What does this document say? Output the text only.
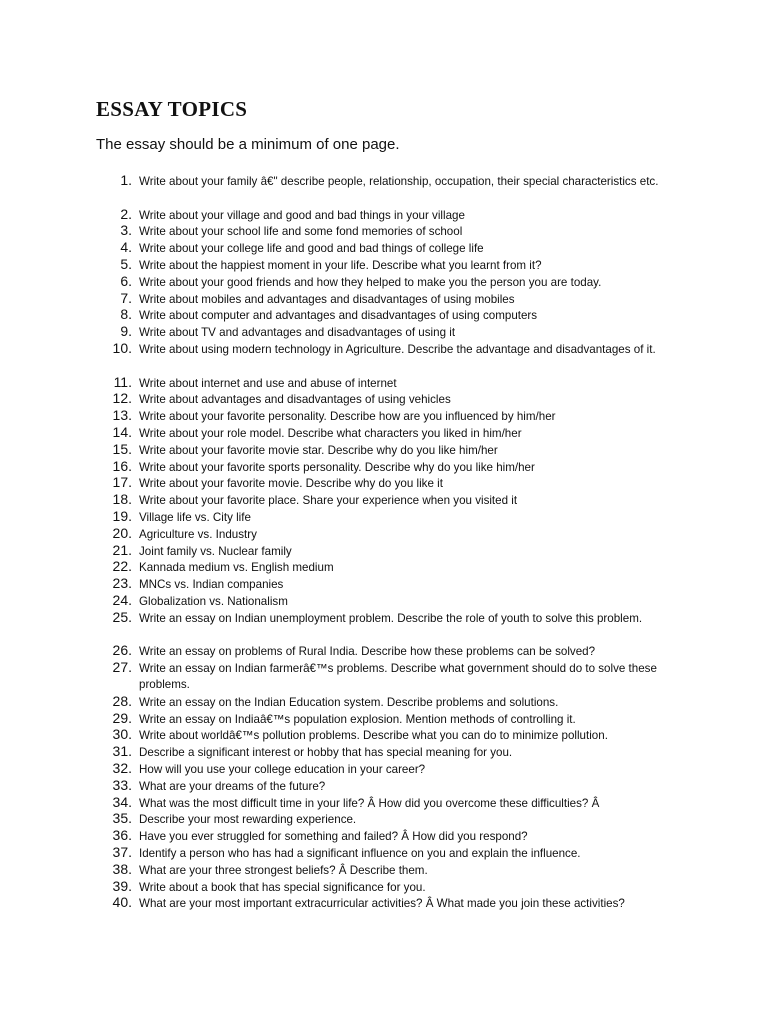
ESSAY TOPICS

The essay should be a minimum of one page.

1. Write about your family â€" describe people, relationship, occupation, their special characteristics etc.
2. Write about your village and good and bad things in your village
3. Write about your school life and some fond memories of school
4. Write about your college life and good and bad things of college life
5. Write about the happiest moment in your life. Describe what you learnt from it?
6. Write about your good friends and how they helped to make you the person you are today.
7. Write about mobiles and advantages and disadvantages of using mobiles
8. Write about computer and advantages and disadvantages of using computers
9. Write about TV and advantages and disadvantages of using it
10. Write about using modern technology in Agriculture. Describe the advantage and disadvantages of it.
11. Write about internet and use and abuse of internet
12. Write about advantages and disadvantages of using vehicles
13. Write about your favorite personality. Describe how are you influenced by him/her
14. Write about your role model. Describe what characters you liked in him/her
15. Write about your favorite movie star. Describe why do you like him/her
16. Write about your favorite sports personality. Describe why do you like him/her
17. Write about your favorite movie. Describe why do you like it
18. Write about your favorite place. Share your experience when you visited it
19. Village life vs. City life
20. Agriculture vs. Industry
21. Joint family vs. Nuclear family
22. Kannada medium vs. English medium
23. MNCs vs. Indian companies
24. Globalization vs. Nationalism
25. Write an essay on Indian unemployment problem. Describe the role of youth to solve this problem.
26. Write an essay on problems of Rural India. Describe how these problems can be solved?
27. Write an essay on Indian farmerâ€™s problems. Describe what government should do to solve these problems.
28. Write an essay on the Indian Education system. Describe problems and solutions.
29. Write an essay on Indiaâ€™s population explosion. Mention methods of controlling it.
30. Write about worldâ€™s pollution problems. Describe what you can do to minimize pollution.
31. Describe a significant interest or hobby that has special meaning for you.
32. How will you use your college education in your career?
33. What are your dreams of the future?
34. What was the most difficult time in your life? Â How did you overcome these difficulties? Â
35. Describe your most rewarding experience.
36. Have you ever struggled for something and failed? Â How did you respond?
37. Identify a person who has had a significant influence on you and explain the influence.
38. What are your three strongest beliefs? Â Describe them.
39. Write about a book that has special significance for you.
40. What are your most important extracurricular activities? Â What made you join these activities?
